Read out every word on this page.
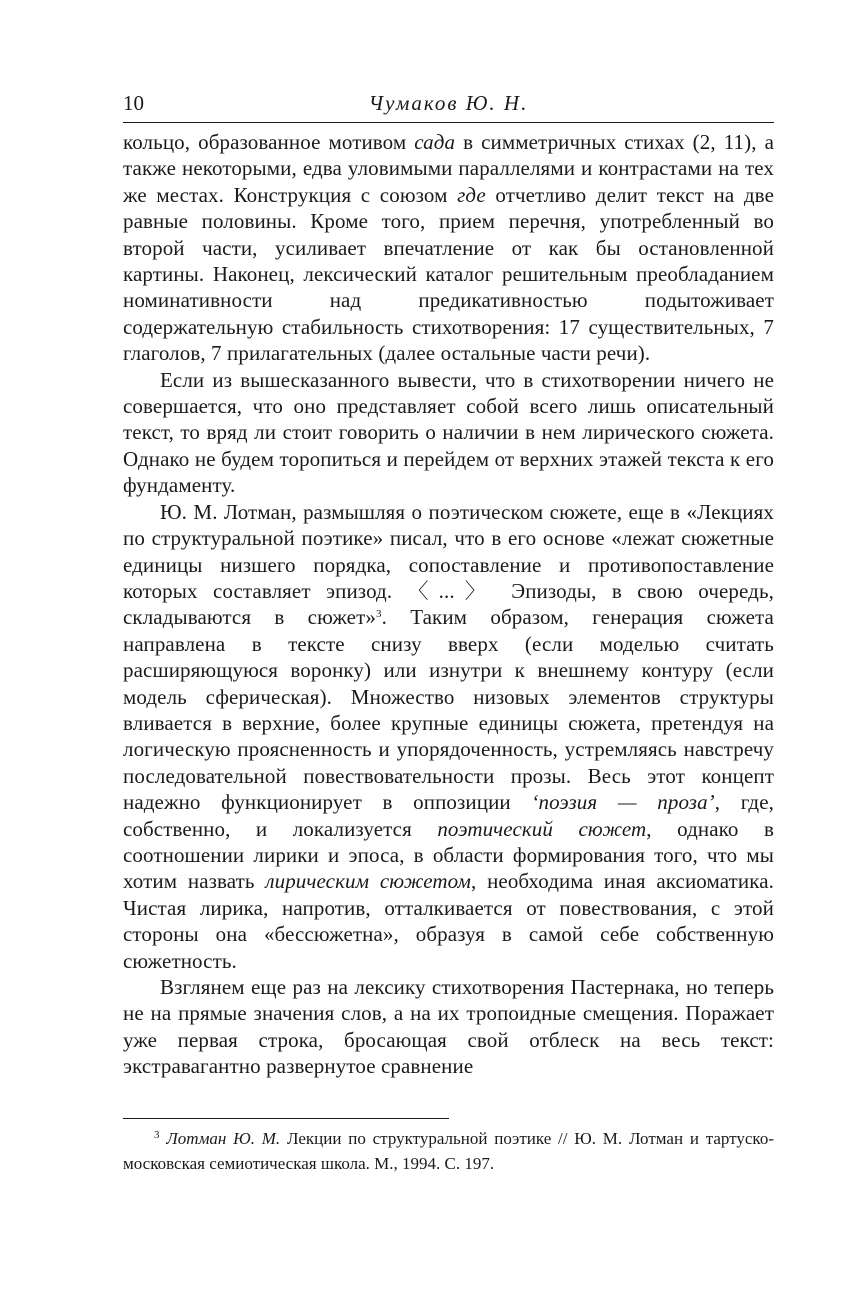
10	Чумаков Ю. Н.

кольцо, образованное мотивом сада в симметричных стихах (2, 11), а также некоторыми, едва уловимыми параллелями и контрастами на тех же местах. Конструкция с союзом где отчетливо делит текст на две равные половины. Кроме того, прием перечня, употребленный во второй части, усиливает впечатление от как бы остановленной картины. Наконец, лексический каталог решительным преобладанием номинативности над предикативностью подытоживает содержательную стабильность стихотворения: 17 существительных, 7 глаголов, 7 прилагательных (далее остальные части речи).

Если из вышесказанного вывести, что в стихотворении ничего не совершается, что оно представляет собой всего лишь описательный текст, то вряд ли стоит говорить о наличии в нем лирического сюжета. Однако не будем торопиться и перейдем от верхних этажей текста к его фундаменту.

Ю. М. Лотман, размышляя о поэтическом сюжете, еще в «Лекциях по структуральной поэтике» писал, что в его основе «лежат сюжетные единицы низшего порядка, сопоставление и противопоставление которых составляет эпизод. 〈...〉 Эпизоды, в свою очередь, складываются в сюжет»$^3$. Таким образом, генерация сюжета направлена в тексте снизу вверх (если моделью считать расширяющуюся воронку) или изнутри к внешнему контуру (если модель сферическая). Множество низовых элементов структуры вливается в верхние, более крупные единицы сюжета, претендуя на логическую проясненность и упорядоченность, устремляясь навстречу последовательной повествовательности прозы. Весь этот концепт надежно функционирует в оппозиции ‘поэзия — проза’, где, собственно, и локализуется поэтический сюжет, однако в соотношении лирики и эпоса, в области формирования того, что мы хотим назвать лирическим сюжетом, необходима иная аксиоматика. Чистая лирика, напротив, отталкивается от повествования, с этой стороны она «бессюжетна», образуя в самой себе собственную сюжетность.

Взглянем еще раз на лексику стихотворения Пастернака, но теперь не на прямые значения слов, а на их тропоидные смещения. Поражает уже первая строка, бросающая свой отблеск на весь текст: экстравагантно развернутое сравнение

$^3$ Лотман Ю. М. Лекции по структуральной поэтике // Ю. М. Лотман и тартуско-московская семиотическая школа. М., 1994. С. 197.
